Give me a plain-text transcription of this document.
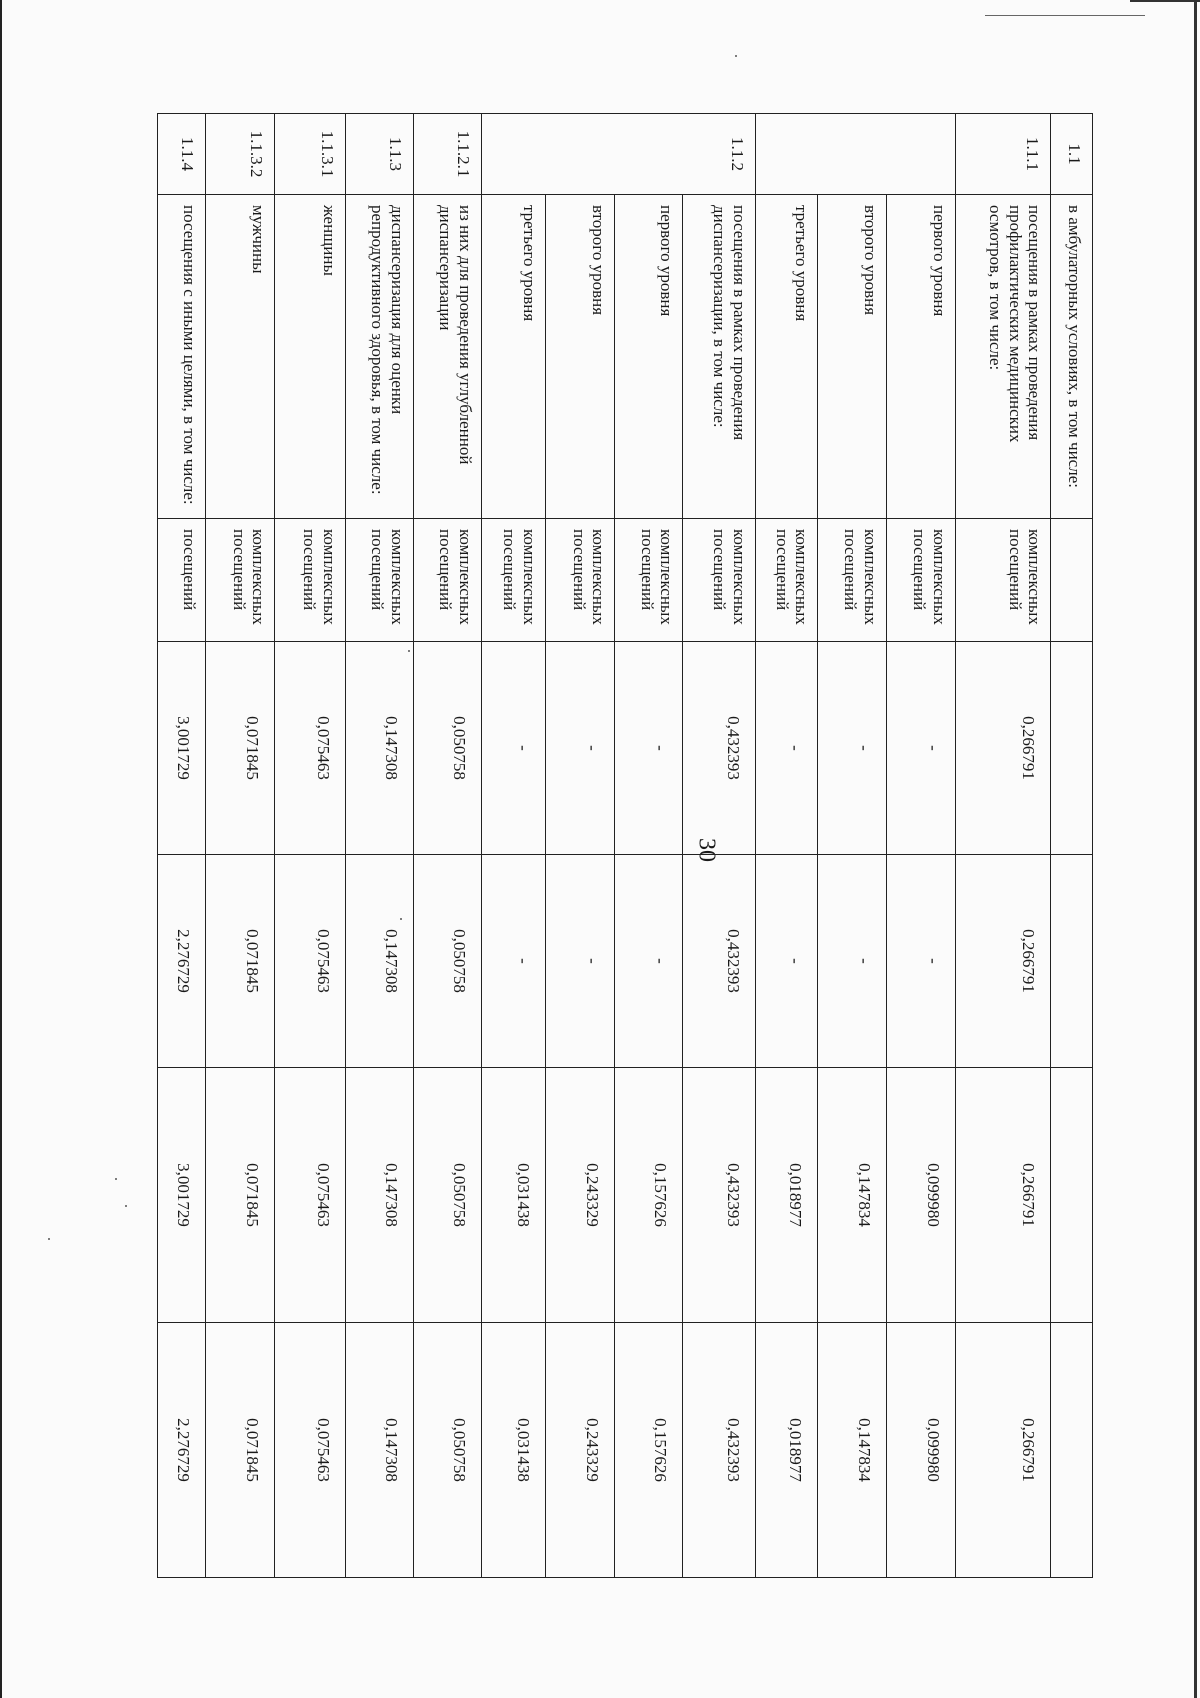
30
1.1	в амбулаторных условиях, в том числе:					
1.1.1	посещения в рамках проведения профилактических медицинских осмотров, в том числе:	комплексных посещений	0,266791	0,266791	0,266791	0,266791
	первого уровня	комплексных посещений	-	-	0,099980	0,099980
	второго уровня	комплексных посещений	-	-	0,147834	0,147834
	третьего уровня	комплексных посещений	-	-	0,018977	0,018977
1.1.2	посещения в рамках проведения диспансеризации, в том числе:	комплексных посещений	0,432393	0,432393	0,432393	0,432393
	первого уровня	комплексных посещений	-	-	0,157626	0,157626
	второго уровня	комплексных посещений	-	-	0,243329	0,243329
	третьего уровня	комплексных посещений	-	-	0,031438	0,031438
1.1.2.1	из них для проведения углубленной диспансеризации	комплексных посещений	0,050758	0,050758	0,050758	0,050758
1.1.3	диспансеризация для оценки репродуктивного здоровья, в том числе:	комплексных посещений	0,147308	0,147308	0,147308	0,147308
1.1.3.1	женщины	комплексных посещений	0,075463	0,075463	0,075463	0,075463
1.1.3.2	мужчины	комплексных посещений	0,071845	0,071845	0,071845	0,071845
1.1.4	посещения с иными целями, в том числе:	посещений	3,001729	2,276729	3,001729	2,276729
